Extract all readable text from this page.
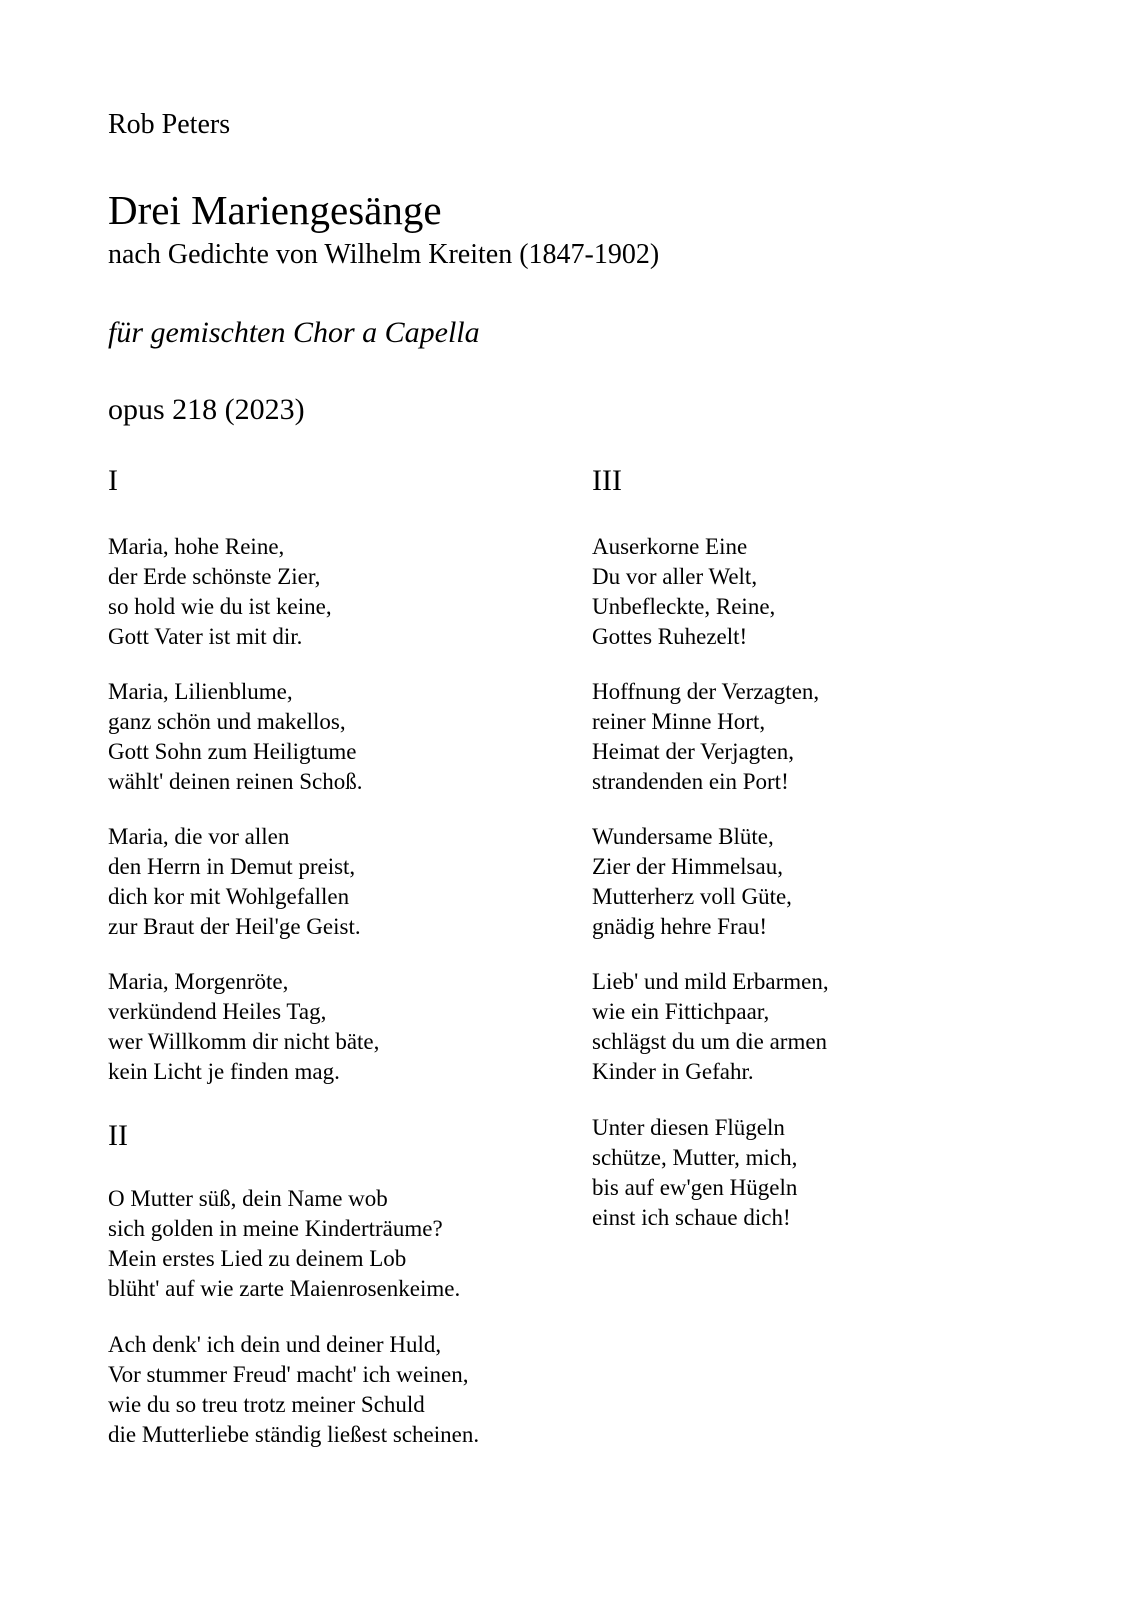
Rob Peters
Drei Mariengesänge
nach Gedichte von Wilhelm Kreiten (1847-1902)
für gemischten Chor a Capella
opus 218 (2023)
I
Maria, hohe Reine,
der Erde schönste Zier,
so hold wie du ist keine,
Gott Vater ist mit dir.
Maria, Lilienblume,
ganz schön und makellos,
Gott Sohn zum Heiligtume
wählt' deinen reinen Schoß.
Maria, die vor allen
den Herrn in Demut preist,
dich kor mit Wohlgefallen
zur Braut der Heil'ge Geist.
Maria, Morgenröte,
verkündend Heiles Tag,
wer Willkomm dir nicht bäte,
kein Licht je finden mag.
II
O Mutter süß, dein Name wob
sich golden in meine Kinderträume?
Mein erstes Lied zu deinem Lob
blüht' auf wie zarte Maienrosenkeime.
Ach denk' ich dein und deiner Huld,
Vor stummer Freud' macht' ich weinen,
wie du so treu trotz meiner Schuld
die Mutterliebe ständig ließest scheinen.
III
Auserkorne Eine
Du vor aller Welt,
Unbefleckte, Reine,
Gottes Ruhezelt!
Hoffnung der Verzagten,
reiner Minne Hort,
Heimat der Verjagten,
strandenden ein Port!
Wundersame Blüte,
Zier der Himmelsau,
Mutterherz voll Güte,
gnädig hehre Frau!
Lieb' und mild Erbarmen,
wie ein Fittichpaar,
schlägst du um die armen
Kinder in Gefahr.
Unter diesen Flügeln
schütze, Mutter, mich,
bis auf ew'gen Hügeln
einst ich schaue dich!
